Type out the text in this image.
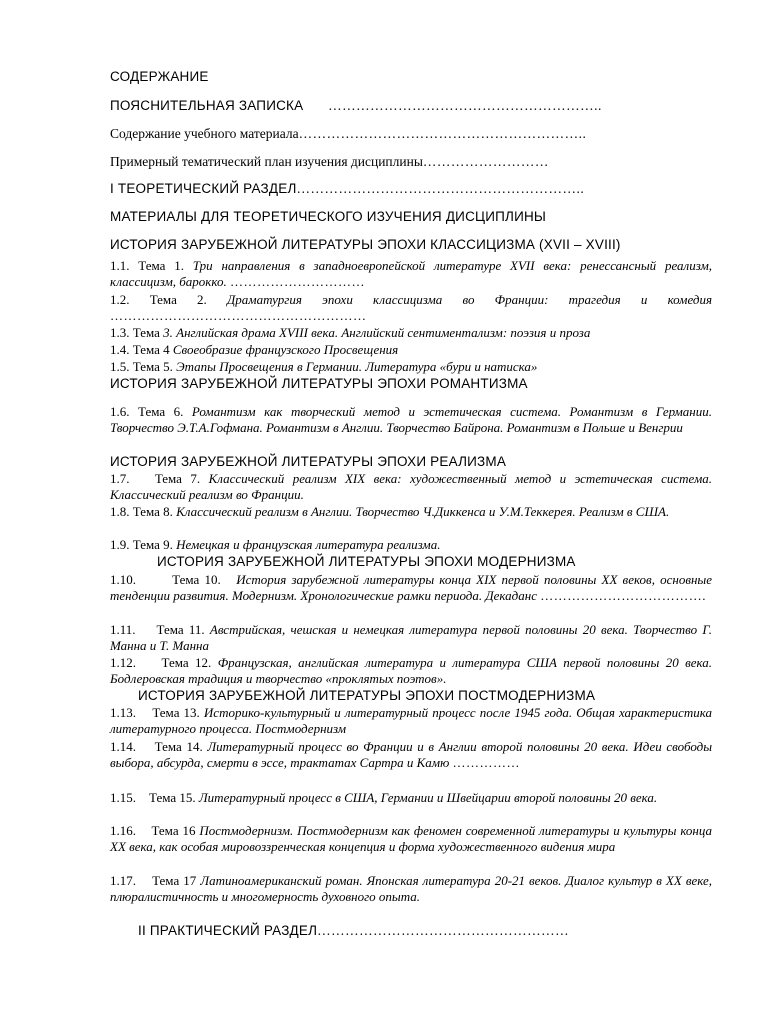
СОДЕРЖАНИЕ
ПОЯСНИТЕЛЬНАЯ ЗАПИСКА …………………………………………………..
Содержание учебного материала……………………………………………………..
Примерный тематический план изучения дисциплины………………………
I ТЕОРЕТИЧЕСКИЙ РАЗДЕЛ……………………………………………………..
МАТЕРИАЛЫ ДЛЯ ТЕОРЕТИЧЕСКОГО ИЗУЧЕНИЯ ДИСЦИПЛИНЫ
ИСТОРИЯ ЗАРУБЕЖНОЙ ЛИТЕРАТУРЫ ЭПОХИ КЛАССИЦИЗМА (XVII – XVIII)
1.1. Тема 1. Три направления в западноевропейской литературе XVII века: ренессансный реализм, классицизм, барокко. …………………………
1.2. Тема 2. Драматургия эпохи классицизма во Франции: трагедия и комедия …………………………………………………
1.3. Тема 3. Английская драма XVIII века. Английский сентиментализм: поэзия и проза
1.4. Тема 4 Своеобразие французского Просвещения
1.5. Тема 5. Этапы Просвещения в Германии. Литература «бури и натиска»
ИСТОРИЯ ЗАРУБЕЖНОЙ ЛИТЕРАТУРЫ ЭПОХИ РОМАНТИЗМА
1.6. Тема 6. Романтизм как творческий метод и эстетическая система. Романтизм в Германии. Творчество Э.Т.А.Гофмана. Романтизм в Англии. Творчество Байрона. Романтизм в Польше и Венгрии
ИСТОРИЯ ЗАРУБЕЖНОЙ ЛИТЕРАТУРЫ ЭПОХИ РЕАЛИЗМА
1.7. Тема 7. Классический реализм XIX века: художественный метод и эстетическая система. Классический реализм во Франции.
1.8. Тема 8. Классический реализм в Англии. Творчество Ч.Диккенса и У.М.Теккерея. Реализм в США.
1.9. Тема 9. Немецкая и французская литература реализма.
ИСТОРИЯ ЗАРУБЕЖНОЙ ЛИТЕРАТУРЫ ЭПОХИ МОДЕРНИЗМА
1.10.	Тема 10. История зарубежной литературы конца XIX первой половины XX веков, основные тенденции развития. Модернизм. Хронологические рамки периода. Декаданс ……………………………….
1.11. Тема 11. Австрийская, чешская и немецкая литература первой половины 20 века. Творчество Г. Манна и Т. Манна
1.12. Тема 12. Французская, английская литература и литература США первой половины 20 века. Бодлеровская традиция и творчество «проклятых поэтов».
ИСТОРИЯ ЗАРУБЕЖНОЙ ЛИТЕРАТУРЫ ЭПОХИ ПОСТМОДЕРНИЗМА
1.13. Тема 13. Историко-культурный и литературный процесс после 1945 года. Общая характеристика литературного процесса. Постмодернизм
1.14. Тема 14. Литературный процесс во Франции и в Англии второй половины 20 века. Идеи свободы выбора, абсурда, смерти в эссе, трактатах Сартра и Камю ……………
1.15. Тема 15. Литературный процесс в США, Германии и Швейцарии второй половины 20 века.
1.16. Тема 16 Постмодернизм. Постмодернизм как феномен современной литературы и культуры конца XX века, как особая мировоззренческая концепция и форма художественного видения мира
1.17. Тема 17 Латиноамериканский роман. Японская литература 20-21 веков. Диалог культур в XX веке, плюралистичность и многомерность духовного опыта.
II ПРАКТИЧЕСКИЙ РАЗДЕЛ………………………………………………
